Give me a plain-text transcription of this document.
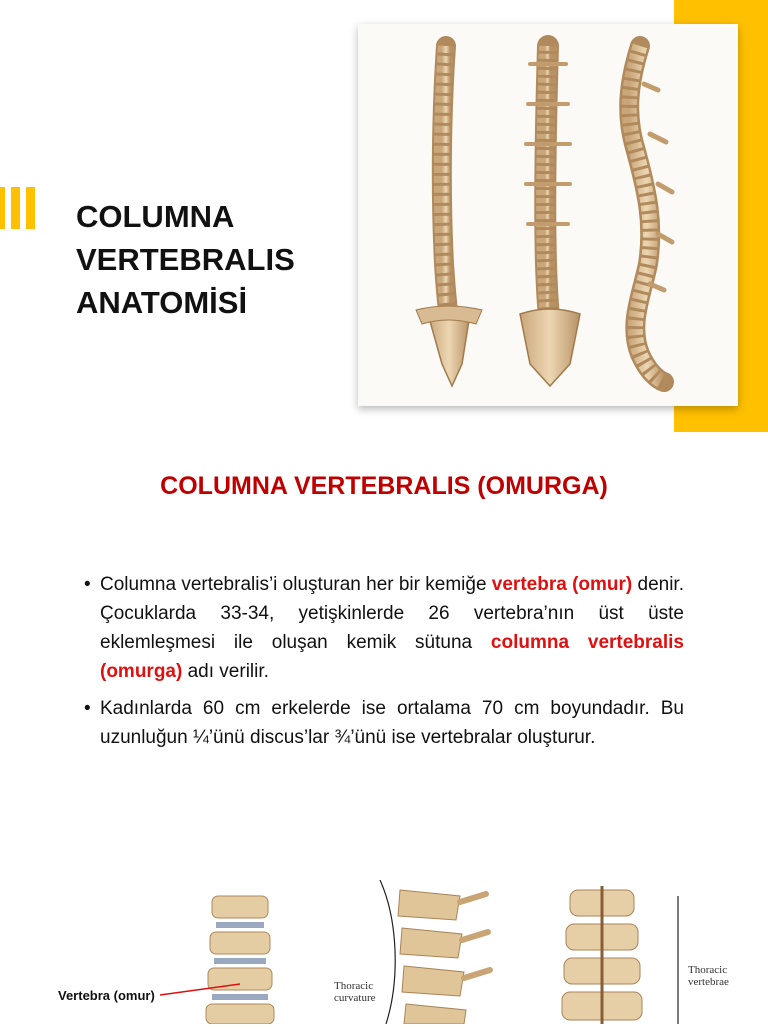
COLUMNA
VERTEBRALIS
ANATOMİSİ
COLUMNA VERTEBRALIS (OMURGA)
• Columna vertebralis’i oluşturan her bir kemiğe vertebra (omur) denir. Çocuklarda 33-34, yetişkinlerde 26 vertebra’nın üst üste eklemleşmesi ile oluşan kemik sütuna columna vertebralis (omurga) adı verilir.
• Kadınlarda 60 cm erkelerde ise ortalama 70 cm boyundadır. Bu uzunluğun ¼’ünü discus’lar ¾’ünü ise vertebralar oluşturur.
Vertebra (omur)
Thoracic
curvature
Thoracic
vertebrae
